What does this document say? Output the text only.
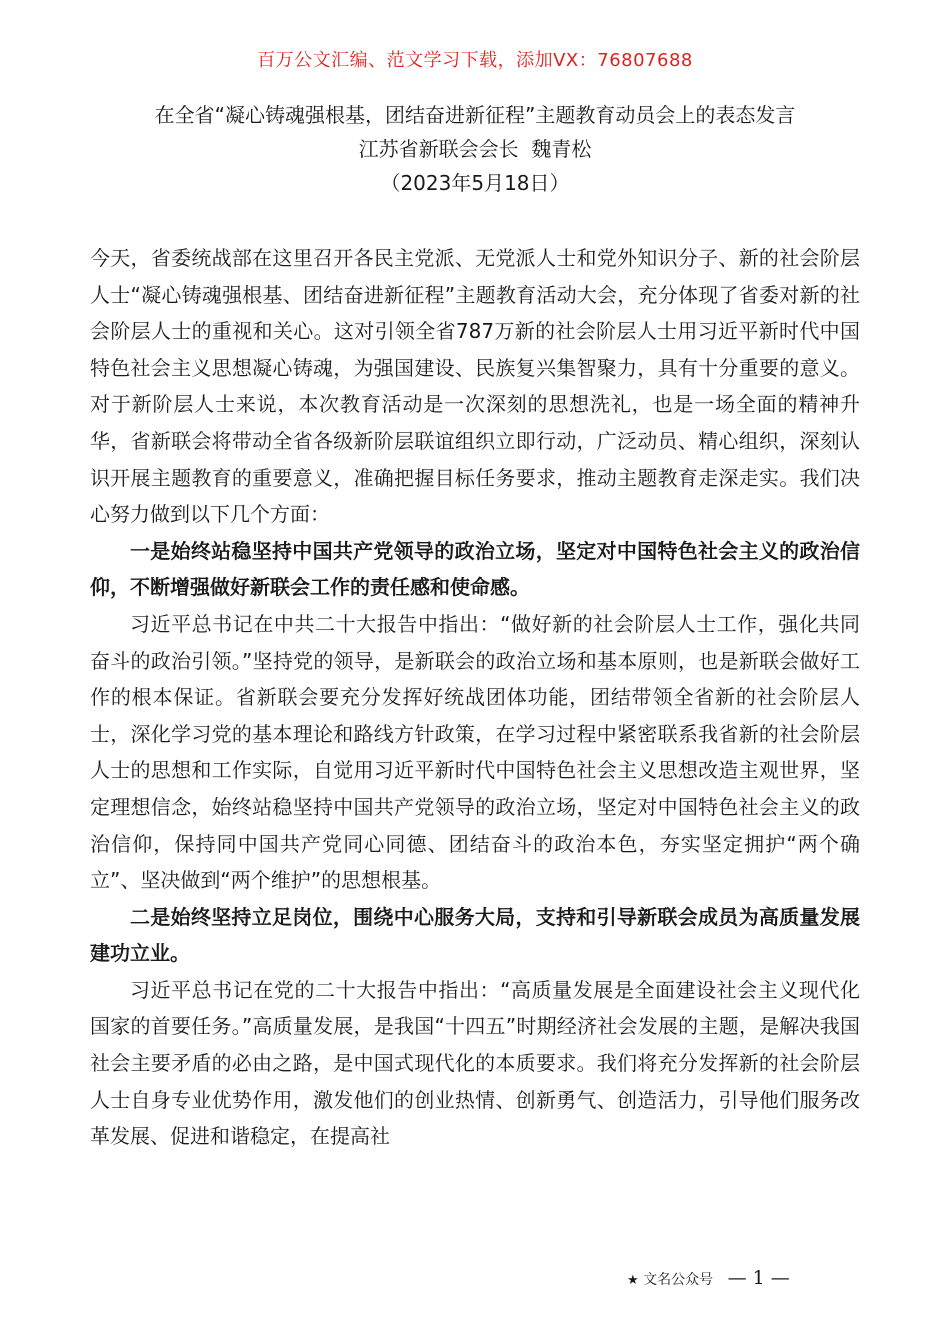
百万公文汇编、范文学习下载，添加VX：76807688
在全省“凝心铸魂强根基，团结奋进新征程”主题教育动员会上的表态发言
江苏省新联会会长  魏青松
（2023年5月18日）

今天，省委统战部在这里召开各民主党派、无党派人士和党外知识分子、新的社会阶层人士“凝心铸魂强根基、团结奋进新征程”主题教育活动大会，充分体现了省委对新的社会阶层人士的重视和关心。这对引领全省787万新的社会阶层人士用习近平新时代中国特色社会主义思想凝心铸魂，为强国建设、民族复兴集智聚力，具有十分重要的意义。对于新阶层人士来说，本次教育活动是一次深刻的思想洗礼，也是一场全面的精神升华，省新联会将带动全省各级新阶层联谊组织立即行动，广泛动员、精心组织，深刻认识开展主题教育的重要意义，准确把握目标任务要求，推动主题教育走深走实。我们决心努力做到以下几个方面：

一是始终站稳坚持中国共产党领导的政治立场，坚定对中国特色社会主义的政治信仰，不断增强做好新联会工作的责任感和使命感。

习近平总书记在中共二十大报告中指出：“做好新的社会阶层人士工作，强化共同奋斗的政治引领。”坚持党的领导，是新联会的政治立场和基本原则，也是新联会做好工作的根本保证。省新联会要充分发挥好统战团体功能，团结带领全省新的社会阶层人士，深化学习党的基本理论和路线方针政策，在学习过程中紧密联系我省新的社会阶层人士的思想和工作实际，自觉用习近平新时代中国特色社会主义思想改造主观世界，坚定理想信念，始终站稳坚持中国共产党领导的政治立场，坚定对中国特色社会主义的政治信仰，保持同中国共产党同心同德、团结奋斗的政治本色，夯实坚定拥护“两个确立”、坚决做到“两个维护”的思想根基。

二是始终坚持立足岗位，围绕中心服务大局，支持和引导新联会成员为高质量发展建功立业。

习近平总书记在党的二十大报告中指出：“高质量发展是全面建设社会主义现代化国家的首要任务。”高质量发展，是我国“十四五”时期经济社会发展的主题，是解决我国社会主要矛盾的必由之路，是中国式现代化的本质要求。我们将充分发挥新的社会阶层人士自身专业优势作用，激发他们的创业热情、创新勇气、创造活力，引导他们服务改革发展、促进和谐稳定，在提高社

★ 文名公众号 — 1 —
